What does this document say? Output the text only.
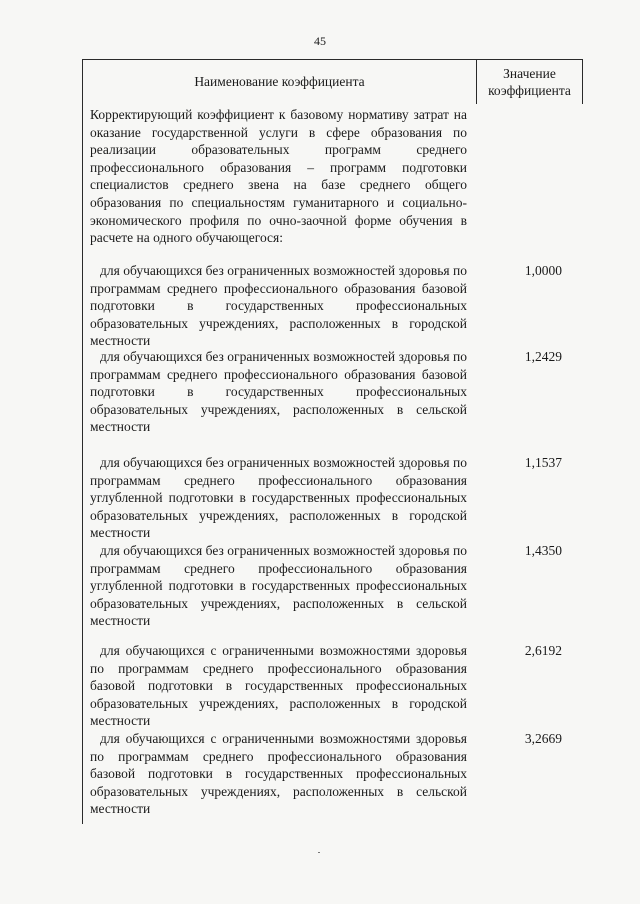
45
Наименование коэффициента
Значение
коэффициента
Корректирующий коэффициент к базовому нормативу затрат на оказание государственной услуги в сфере образования по реализации образовательных программ среднего профессионального образования – программ подготовки специалистов среднего звена на базе среднего общего образования по специальностям гуманитарного и социально-экономического профиля по очно-заочной форме обучения в расчете на одного обучающегося:
для обучающихся без ограниченных возможностей здоровья по программам среднего профессионального образования базовой подготовки в государственных профессиональных образовательных учреждениях, расположенных в городской местности
1,0000
для обучающихся без ограниченных возможностей здоровья по программам среднего профессионального образования базовой подготовки в государственных профессиональных образовательных учреждениях, расположенных в сельской местности
1,2429
для обучающихся без ограниченных возможностей здоровья по программам среднего профессионального образования углубленной подготовки в государственных профессиональных образовательных учреждениях, расположенных в городской местности
1,1537
для обучающихся без ограниченных возможностей здоровья по программам среднего профессионального образования углубленной подготовки в государственных профессиональных образовательных учреждениях, расположенных в сельской местности
1,4350
для обучающихся с ограниченными возможностями здоровья по программам среднего профессионального образования базовой подготовки в государственных профессиональных образовательных учреждениях, расположенных в городской местности
2,6192
для обучающихся с ограниченными возможностями здоровья по программам среднего профессионального образования базовой подготовки в государственных профессиональных образовательных учреждениях, расположенных в сельской местности
3,2669
